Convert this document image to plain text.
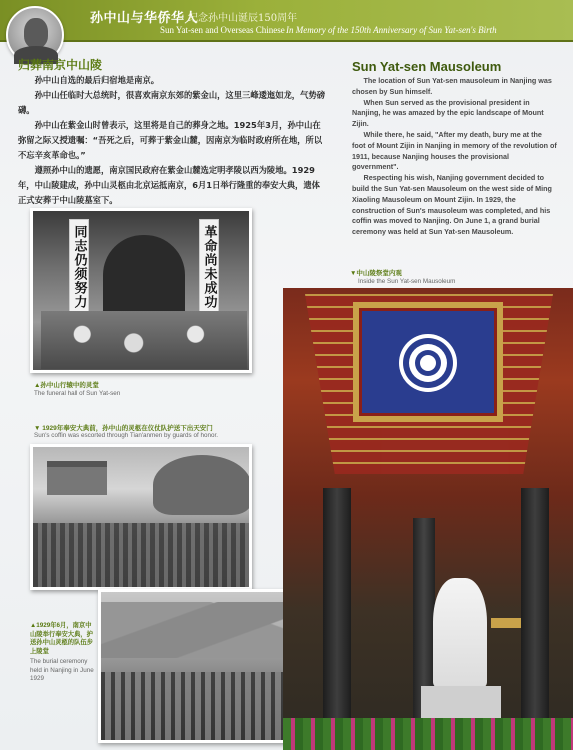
孙中山与华侨华人
纪念孙中山诞辰150周年
Sun Yat-sen and Overseas Chinese In Memory of the 150th Anniversary of Sun Yat-sen's Birth
归葬南京中山陵

孙中山自选的最后归宿地是南京。

孙中山任临时大总统时，很喜欢南京东郊的紫金山，这里三峰逶迤如龙，气势磅礴。

孙中山在紫金山时曾表示，这里将是自己的葬身之地。1925年3月，孙中山在弥留之际又授遗嘱：“吾死之后，可葬于紫金山麓，因南京为临时政府所在地，所以不忘辛亥革命也。”

遵照孙中山的遗愿，南京国民政府在紫金山麓选定明孝陵以西为陵地。1929年，中山陵建成，孙中山灵柩由北京运抵南京，6月1日举行隆重的奉安大典，遗体正式安葬于中山陵墓室下。

Sun Yat-sen Mausoleum

The location of Sun Yat-sen mausoleum in Nanjing was chosen by Sun himself.

When Sun served as the provisional president in Nanjing, he was amazed by the epic landscape of Mount Zijin.

While there, he said, "After my death, bury me at the foot of Mount Zijin in Nanjing in memory of the revolution of 1911, because Nanjing houses the provisional government".

Respecting his wish, Nanjing government decided to build the Sun Yat-sen Mausoleum on the west side of Ming Xiaoling Mausoleum on Mount Zijin. In 1929, the construction of Sun's mausoleum was completed, and his coffin was moved to Nanjing. On June 1, a grand burial ceremony was held at Sun Yat-sen Mausoleum.

同志仍须努力	革命尚未成功
▲孙中山行辕中的灵堂
The funeral hall of Sun Yat-sen
▼ 1929年奉安大典前，孙中山的灵柩在仪仗队护送下出天安门
Sun's coffin was escorted through Tian'anmen by guards of honor.
▲1929年6月，南京中山陵举行奉安大典，护送孙中山灵柩的队伍步上陵堂
The burial ceremony held in Nanjing in June 1929
▼中山陵祭堂内观
Inside the Sun Yat-sen Mausoleum
